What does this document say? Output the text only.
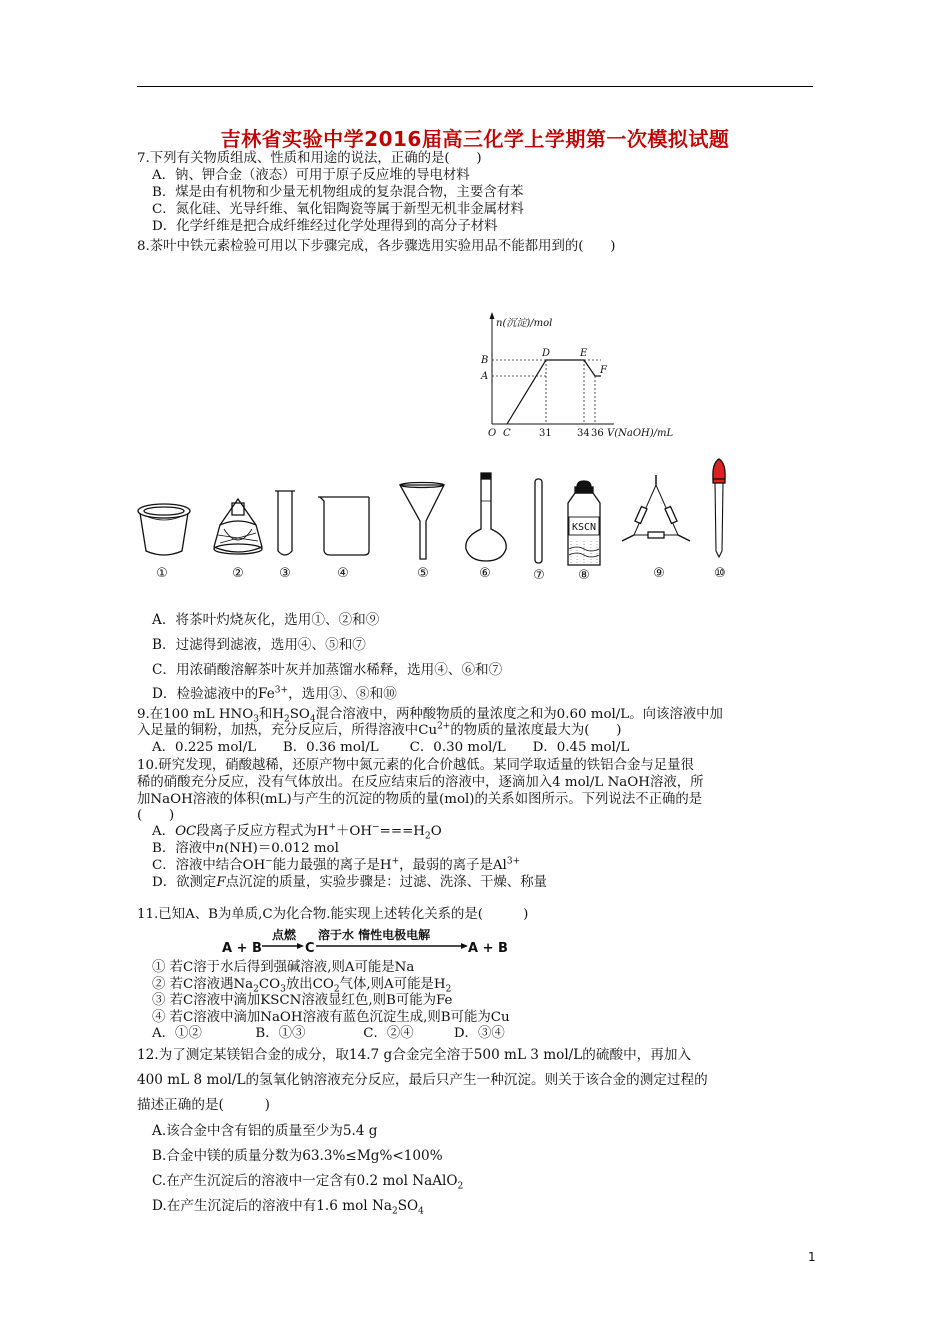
吉林省实验中学2016届高三化学上学期第一次模拟试题
7.下列有关物质组成、性质和用途的说法，正确的是(　　)
A．钠、钾合金（液态）可用于原子反应堆的导电材料
B．煤是由有机物和少量无机物组成的复杂混合物，主要含有苯
C．氮化硅、光导纤维、氧化铝陶瓷等属于新型无机非金属材料
D．化学纤维是把合成纤维经过化学处理得到的高分子材料
8.茶叶中铁元素检验可用以下步骤完成，各步骤选用实验用品不能都用到的(　　)
n(沉淀)/mol
B
A
D	E
F
O C	31	34 36 V(NaOH)/mL
①	②	③	④	⑤	⑥	⑦	⑧	⑨	⑩
KSCN
A．将茶叶灼烧灰化，选用①、②和⑨
B．过滤得到滤液，选用④、⑤和⑦
C．用浓硝酸溶解茶叶灰并加蒸馏水稀释，选用④、⑥和⑦
D．检验滤液中的$Fe^{3+}$，选用③、⑧和⑩
9.在100 mL $HNO_3$和$H_2SO_4$混合溶液中，两种酸物质的量浓度之和为0.60 mol/L。向该溶液中加
入足量的铜粉，加热，充分反应后，所得溶液中$Cu^{2+}$的物质的量浓度最大为(　　)
A．0.225 mol/L　　B．0.36 mol/L　　 C．0.30 mol/L　　D．0.45 mol/L
10.研究发现，硝酸越稀，还原产物中氮元素的化合价越低。某同学取适量的铁铝合金与足量很
稀的硝酸充分反应，没有气体放出。在反应结束后的溶液中，逐滴加入4 mol/L NaOH溶液，所
加NaOH溶液的体积(mL)与产生的沉淀的物质的量(mol)的关系如图所示。下列说法不正确的是
(　　)
A．OC段离子反应方程式为$H^++OH^-===H_2O$
B．溶液中n(NH)＝0.012 mol
C．溶液中结合OH−能力最强的离子是H+，最弱的离子是$Al^{3+}$
D．欲测定F点沉淀的质量，实验步骤是：过滤、洗涤、干燥、称量
11.已知A、B为单质,C为化合物.能实现上述转化关系的是(　　　)
A + B
点燃
C
溶于水 惰性电极电解
A + B
① 若C溶于水后得到强碱溶液,则A可能是Na
② 若C溶液遇$Na_2CO_3$放出$CO_2$气体,则A可能是$H_2$
③ 若C溶液中滴加KSCN溶液显红色,则B可能为Fe
④ 若C溶液中滴加NaOH溶液有蓝色沉淀生成,则B可能为Cu
A．①②　　　　B．①③　　　　 C．②④　　　D．③④
12.为了测定某镁铝合金的成分，取14.7 g合金完全溶于500 mL 3 mol/L的硫酸中，再加入
400 mL 8 mol/L的氢氧化钠溶液充分反应，最后只产生一种沉淀。则关于该合金的测定过程的
描述正确的是(　　　)
A.该合金中含有铝的质量至少为5.4 g
B.合金中镁的质量分数为63.3%≤Mg%<100%
C.在产生沉淀后的溶液中一定含有0.2 mol NaAlO$_2$
D.在产生沉淀后的溶液中有1.6 mol $Na_2SO_4$
1
